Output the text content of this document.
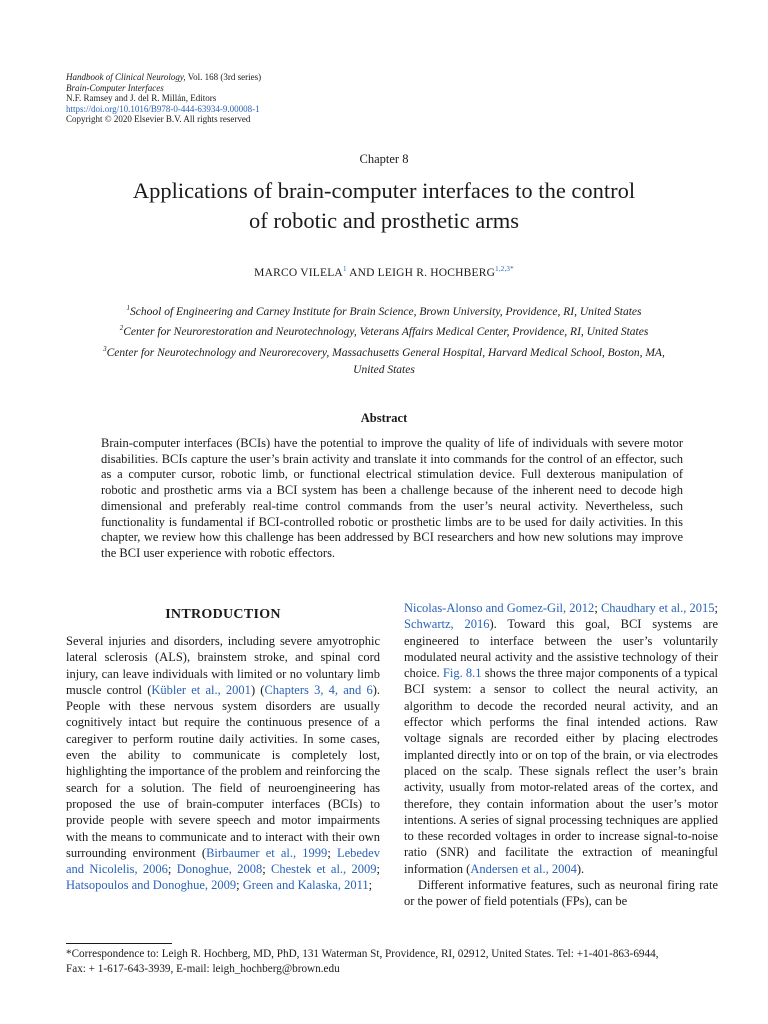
Handbook of Clinical Neurology, Vol. 168 (3rd series)
Brain-Computer Interfaces
N.F. Ramsey and J. del R. Millán, Editors
https://doi.org/10.1016/B978-0-444-63934-9.00008-1
Copyright © 2020 Elsevier B.V. All rights reserved
Chapter 8
Applications of brain-computer interfaces to the control
of robotic and prosthetic arms
MARCO VILELA$^1$ AND LEIGH R. $HOCHBERG^{1,2,3*}$
$^1$School of Engineering and Carney Institute for Brain Science, Brown University, Providence, RI, United States
$^2$Center for Neurorestoration and Neurotechnology, Veterans Affairs Medical Center, Providence, RI, United States
$^3$Center for Neurotechnology and Neurorecovery, Massachusetts General Hospital, Harvard Medical School, Boston, MA,
United States
Abstract

Brain-computer interfaces (BCIs) have the potential to improve the quality of life of individuals with severe motor disabilities. BCIs capture the user’s brain activity and translate it into commands for the control of an effector, such as a computer cursor, robotic limb, or functional electrical stimulation device. Full dexterous manipulation of robotic and prosthetic arms via a BCI system has been a challenge because of the inherent need to decode high dimensional and preferably real-time control commands from the user’s neural activity. Nevertheless, such functionality is fundamental if BCI-controlled robotic or prosthetic limbs are to be used for daily activities. In this chapter, we review how this challenge has been addressed by BCI researchers and how new solutions may improve the BCI user experience with robotic effectors.

INTRODUCTION

Several injuries and disorders, including severe amyotrophic lateral sclerosis (ALS), brainstem stroke, and spinal cord injury, can leave individuals with limited or no voluntary limb muscle control (Kübler et al., 2001) (Chapters 3, 4, and 6). People with these nervous system disorders are usually cognitively intact but require the continuous presence of a caregiver to perform routine daily activities. In some cases, even the ability to communicate is completely lost, highlighting the importance of the problem and reinforcing the search for a solution. The field of neuroengineering has proposed the use of brain-computer interfaces (BCIs) to provide people with severe speech and motor impairments with the means to communicate and to interact with their own surrounding environment (Birbaumer et al., 1999; Lebedev and Nicolelis, 2006; Donoghue, 2008; Chestek et al., 2009; Hatsopoulos and Donoghue, 2009; Green and Kalaska, 2011;

Nicolas-Alonso and Gomez-Gil, 2012; Chaudhary et al., 2015; Schwartz, 2016). Toward this goal, BCI systems are engineered to interface between the user’s voluntarily modulated neural activity and the assistive technology of their choice. Fig. 8.1 shows the three major components of a typical BCI system: a sensor to collect the neural activity, an algorithm to decode the recorded neural activity, and an effector which performs the final intended actions. Raw voltage signals are recorded either by placing electrodes implanted directly into or on top of the brain, or via electrodes placed on the scalp. These signals reflect the user’s brain activity, usually from motor-related areas of the cortex, and therefore, they contain information about the user’s motor intentions. A series of signal processing techniques are applied to these recorded voltages in order to increase signal-to-noise ratio (SNR) and facilitate the extraction of meaningful information (Andersen et al., 2004).

Different informative features, such as neuronal firing rate or the power of field potentials (FPs), can be

*Correspondence to: Leigh R. Hochberg, MD, PhD, 131 Waterman St, Providence, RI, 02912, United States. Tel: +1-401-863-6944,
Fax: + 1-617-643-3939, E-mail: leigh_hochberg@brown.edu
